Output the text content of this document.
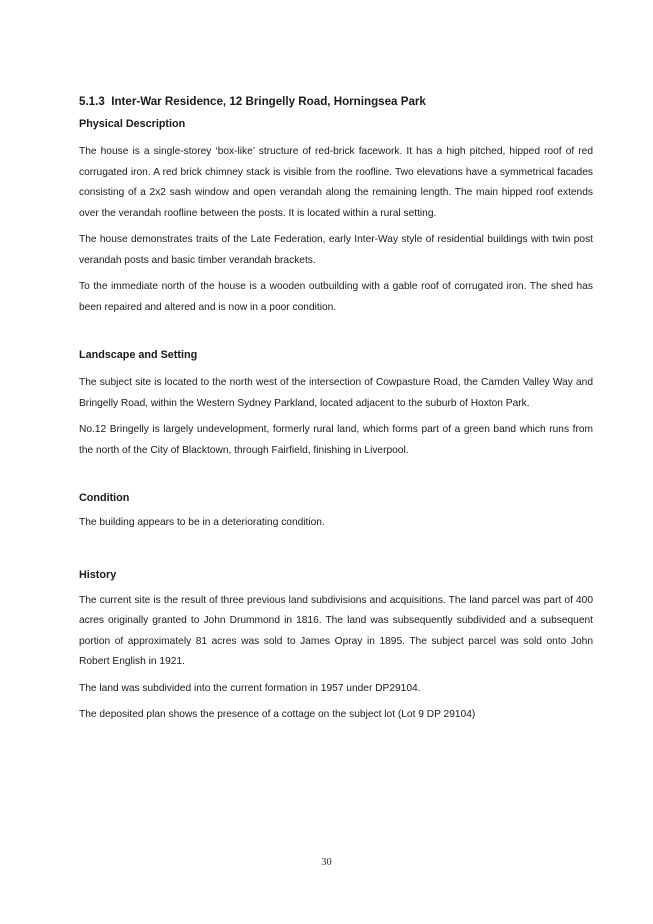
5.1.3  Inter-War Residence, 12 Bringelly Road, Horningsea Park
Physical Description

The house is a single-storey ‘box-like’ structure of red-brick facework. It has a high pitched, hipped roof of red corrugated iron. A red brick chimney stack is visible from the roofline. Two elevations have a symmetrical facades consisting of a 2x2 sash window and open verandah along the remaining length. The main hipped roof extends over the verandah roofline between the posts. It is located within a rural setting.

The house demonstrates traits of the Late Federation, early Inter-Way style of residential buildings with twin post verandah posts and basic timber verandah brackets.

To the immediate north of the house is a wooden outbuilding with a gable roof of corrugated iron. The shed has been repaired and altered and is now in a poor condition.

Landscape and Setting

The subject site is located to the north west of the intersection of Cowpasture Road, the Camden Valley Way and Bringelly Road, within the Western Sydney Parkland, located adjacent to the suburb of Hoxton Park.

No.12 Bringelly is largely undevelopment, formerly rural land, which forms part of a green band which runs from the north of the City of Blacktown, through Fairfield, finishing in Liverpool.

Condition

The building appears to be in a deteriorating condition.

History

The current site is the result of three previous land subdivisions and acquisitions. The land parcel was part of 400 acres originally granted to John Drummond in 1816. The land was subsequently subdivided and a subsequent portion of approximately 81 acres was sold to James Opray in 1895. The subject parcel was sold onto John Robert English in 1921.

The land was subdivided into the current formation in 1957 under DP29104.

The deposited plan shows the presence of a cottage on the subject lot (Lot 9 DP 29104)

30
